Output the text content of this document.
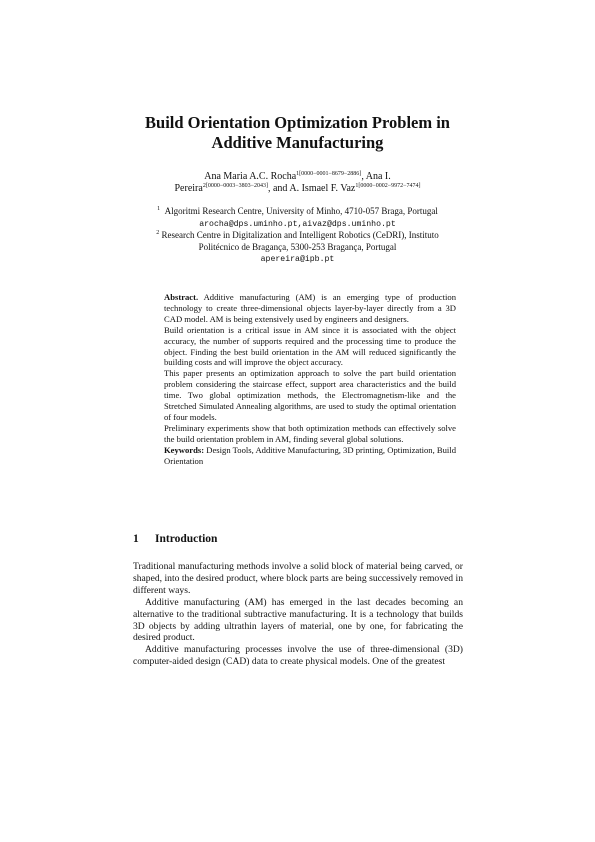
Build Orientation Optimization Problem in
Additive Manufacturing
Ana Maria A.C. Rocha$^{1[0000-0001-8679-2886]}$, Ana I.
Pereira$^{2[0000-0003-3803-2043]}$, and A. Ismael F. Vaz$^{1[0000-0002-9972-7474]}$
$^1$ Algoritmi Research Centre, University of Minho, 4710-057 Braga, Portugal
arocha@dps.uminho.pt,aivaz@dps.uminho.pt
$^2$ Research Centre in Digitalization and Intelligent Robotics (CeDRI), Instituto
Politécnico de Bragança, 5300-253 Bragança, Portugal
apereira@ipb.pt

Abstract. Additive manufacturing (AM) is an emerging type of production technology to create three-dimensional objects layer-by-layer directly from a 3D CAD model. AM is being extensively used by engineers and designers.

Build orientation is a critical issue in AM since it is associated with the object accuracy, the number of supports required and the processing time to produce the object. Finding the best build orientation in the AM will reduced significantly the building costs and will improve the object accuracy.

This paper presents an optimization approach to solve the part build orientation problem considering the staircase effect, support area characteristics and the build time. Two global optimization methods, the Electromagnetism-like and the Stretched Simulated Annealing algorithms, are used to study the optimal orientation of four models.

Preliminary experiments show that both optimization methods can effectively solve the build orientation problem in AM, finding several global solutions.

Keywords: Design Tools, Additive Manufacturing, 3D printing, Optimization, Build Orientation

1 Introduction

Traditional manufacturing methods involve a solid block of material being carved, or shaped, into the desired product, where block parts are being successively removed in different ways.

Additive manufacturing (AM) has emerged in the last decades becoming an alternative to the traditional subtractive manufacturing. It is a technology that builds 3D objects by adding ultrathin layers of material, one by one, for fabricating the desired product.

Additive manufacturing processes involve the use of three-dimensional (3D) computer-aided design (CAD) data to create physical models. One of the greatest
